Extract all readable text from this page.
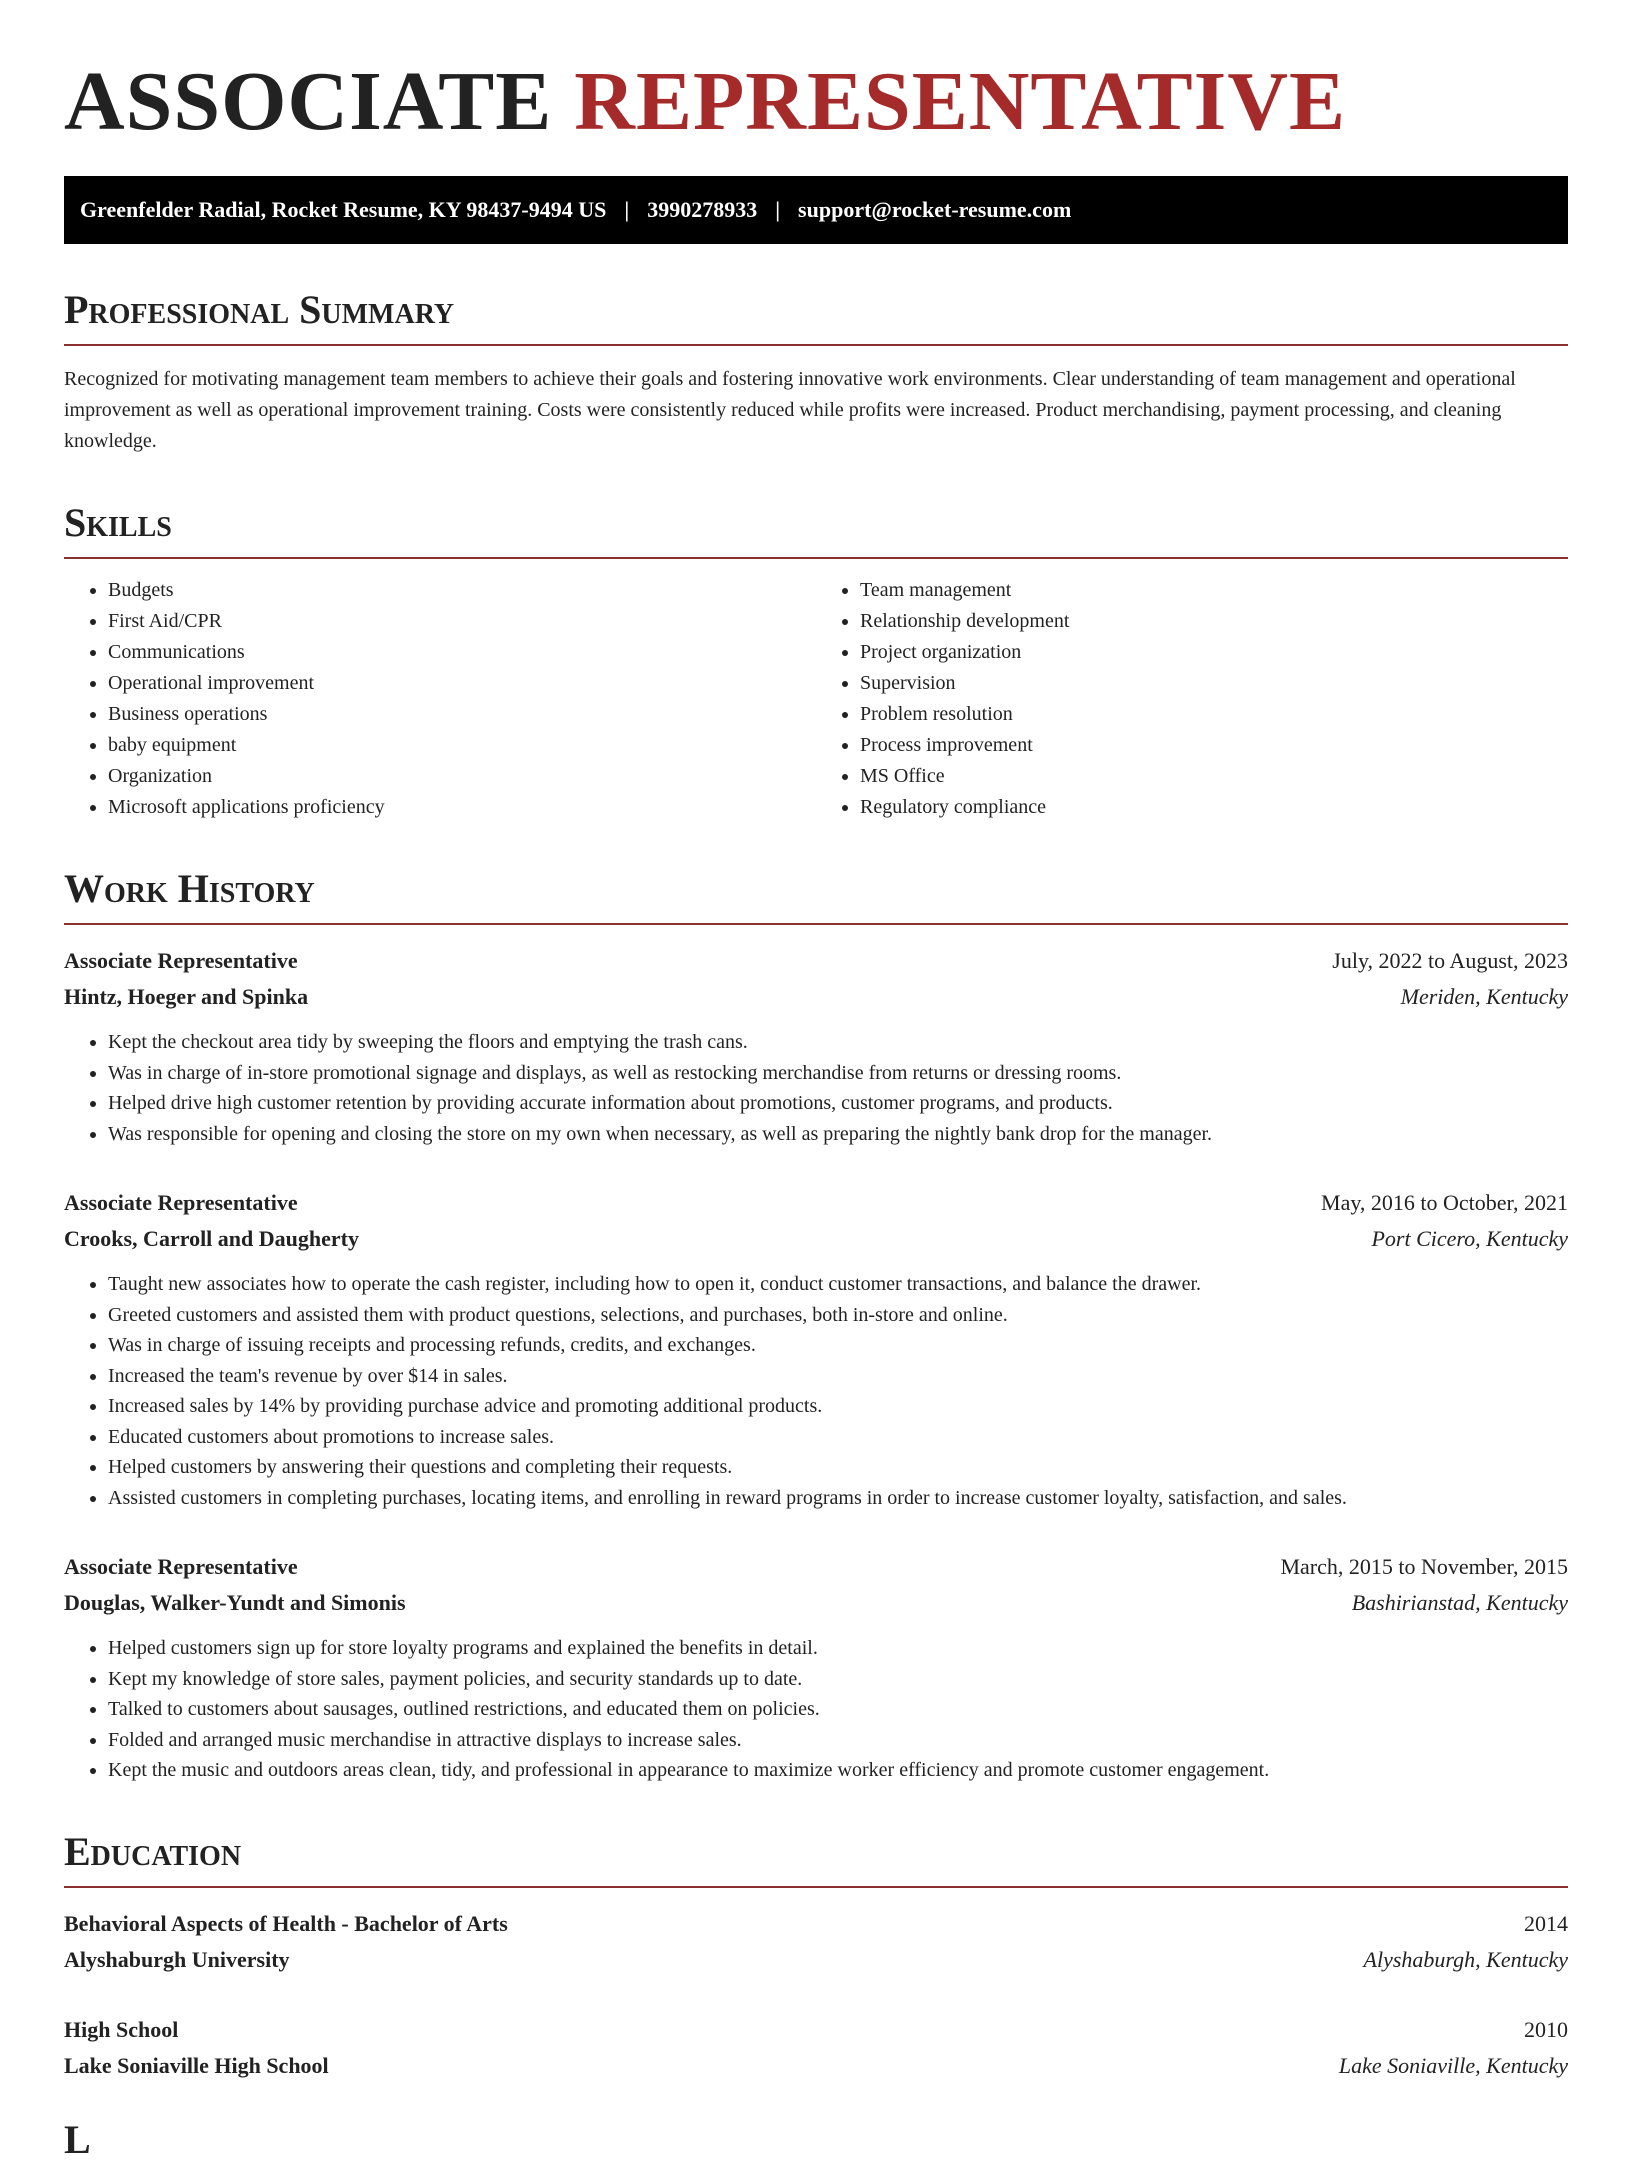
ASSOCIATE REPRESENTATIVE
Greenfelder Radial, Rocket Resume, KY 98437-9494 US | 3990278933 | support@rocket-resume.com
Professional Summary

Recognized for motivating management team members to achieve their goals and fostering innovative work environments. Clear understanding of team management and operational improvement as well as operational improvement training. Costs were consistently reduced while profits were increased. Product merchandising, payment processing, and cleaning knowledge.

Skills
• Budgets
• First Aid/CPR
• Communications
• Operational improvement
• Business operations
• baby equipment
• Organization
• Microsoft applications proficiency
• Team management
• Relationship development
• Project organization
• Supervision
• Problem resolution
• Process improvement
• MS Office
• Regulatory compliance
Work History
Associate Representative	July, 2022 to August, 2023
Hintz, Hoeger and Spinka	Meriden, Kentucky
• Kept the checkout area tidy by sweeping the floors and emptying the trash cans.
• Was in charge of in-store promotional signage and displays, as well as restocking merchandise from returns or dressing rooms.
• Helped drive high customer retention by providing accurate information about promotions, customer programs, and products.
• Was responsible for opening and closing the store on my own when necessary, as well as preparing the nightly bank drop for the manager.
Associate Representative	May, 2016 to October, 2021
Crooks, Carroll and Daugherty	Port Cicero, Kentucky
• Taught new associates how to operate the cash register, including how to open it, conduct customer transactions, and balance the drawer.
• Greeted customers and assisted them with product questions, selections, and purchases, both in-store and online.
• Was in charge of issuing receipts and processing refunds, credits, and exchanges.
• Increased the team's revenue by over $14 in sales.
• Increased sales by 14% by providing purchase advice and promoting additional products.
• Educated customers about promotions to increase sales.
• Helped customers by answering their questions and completing their requests.
• Assisted customers in completing purchases, locating items, and enrolling in reward programs in order to increase customer loyalty, satisfaction, and sales.
Associate Representative	March, 2015 to November, 2015
Douglas, Walker-Yundt and Simonis	Bashirianstad, Kentucky
• Helped customers sign up for store loyalty programs and explained the benefits in detail.
• Kept my knowledge of store sales, payment policies, and security standards up to date.
• Talked to customers about sausages, outlined restrictions, and educated them on policies.
• Folded and arranged music merchandise in attractive displays to increase sales.
• Kept the music and outdoors areas clean, tidy, and professional in appearance to maximize worker efficiency and promote customer engagement.
Education
Behavioral Aspects of Health - Bachelor of Arts	2014
Alyshaburgh University	Alyshaburgh, Kentucky
High School	2010
Lake Soniaville High School	Lake Soniaville, Kentucky
L
